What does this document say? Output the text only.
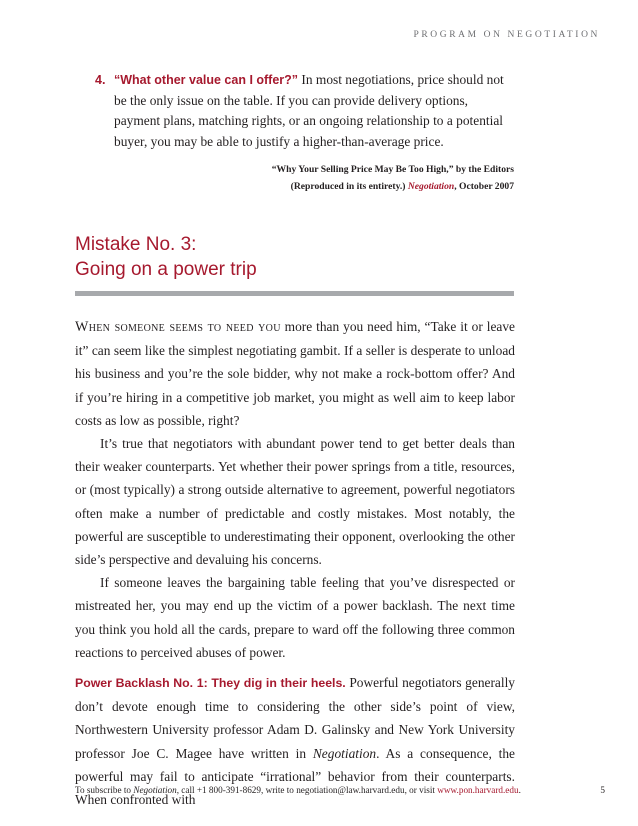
PROGRAM ON NEGOTIATION
4. “What other value can I offer?” In most negotiations, price should not be the only issue on the table. If you can provide delivery options, payment plans, matching rights, or an ongoing relationship to a potential buyer, you may be able to justify a higher-than-average price.
“Why Your Selling Price May Be Too High,” by the Editors
(Reproduced in its entirety.) Negotiation, October 2007
Mistake No. 3:
Going on a power trip

When someone seems to need you more than you need him, “Take it or leave it” can seem like the simplest negotiating gambit. If a seller is desperate to unload his business and you’re the sole bidder, why not make a rock-bottom offer? And if you’re hiring in a competitive job market, you might as well aim to keep labor costs as low as possible, right?

It’s true that negotiators with abundant power tend to get better deals than their weaker counterparts. Yet whether their power springs from a title, resources, or (most typically) a strong outside alternative to agreement, powerful negotiators often make a number of predictable and costly mistakes. Most notably, the powerful are susceptible to underestimating their opponent, overlooking the other side’s perspective and devaluing his concerns.

If someone leaves the bargaining table feeling that you’ve disrespected or mistreated her, you may end up the victim of a power backlash. The next time you think you hold all the cards, prepare to ward off the following three common reactions to perceived abuses of power.

Power Backlash No. 1: They dig in their heels. Powerful negotiators generally don’t devote enough time to considering the other side’s point of view, Northwestern University professor Adam D. Galinsky and New York University professor Joe C. Magee have written in Negotiation. As a consequence, the powerful may fail to anticipate “irrational” behavior from their counterparts. When confronted with

To subscribe to Negotiation, call +1 800-391-8629, write to negotiation@law.harvard.edu, or visit www.pon.harvard.edu.	5
